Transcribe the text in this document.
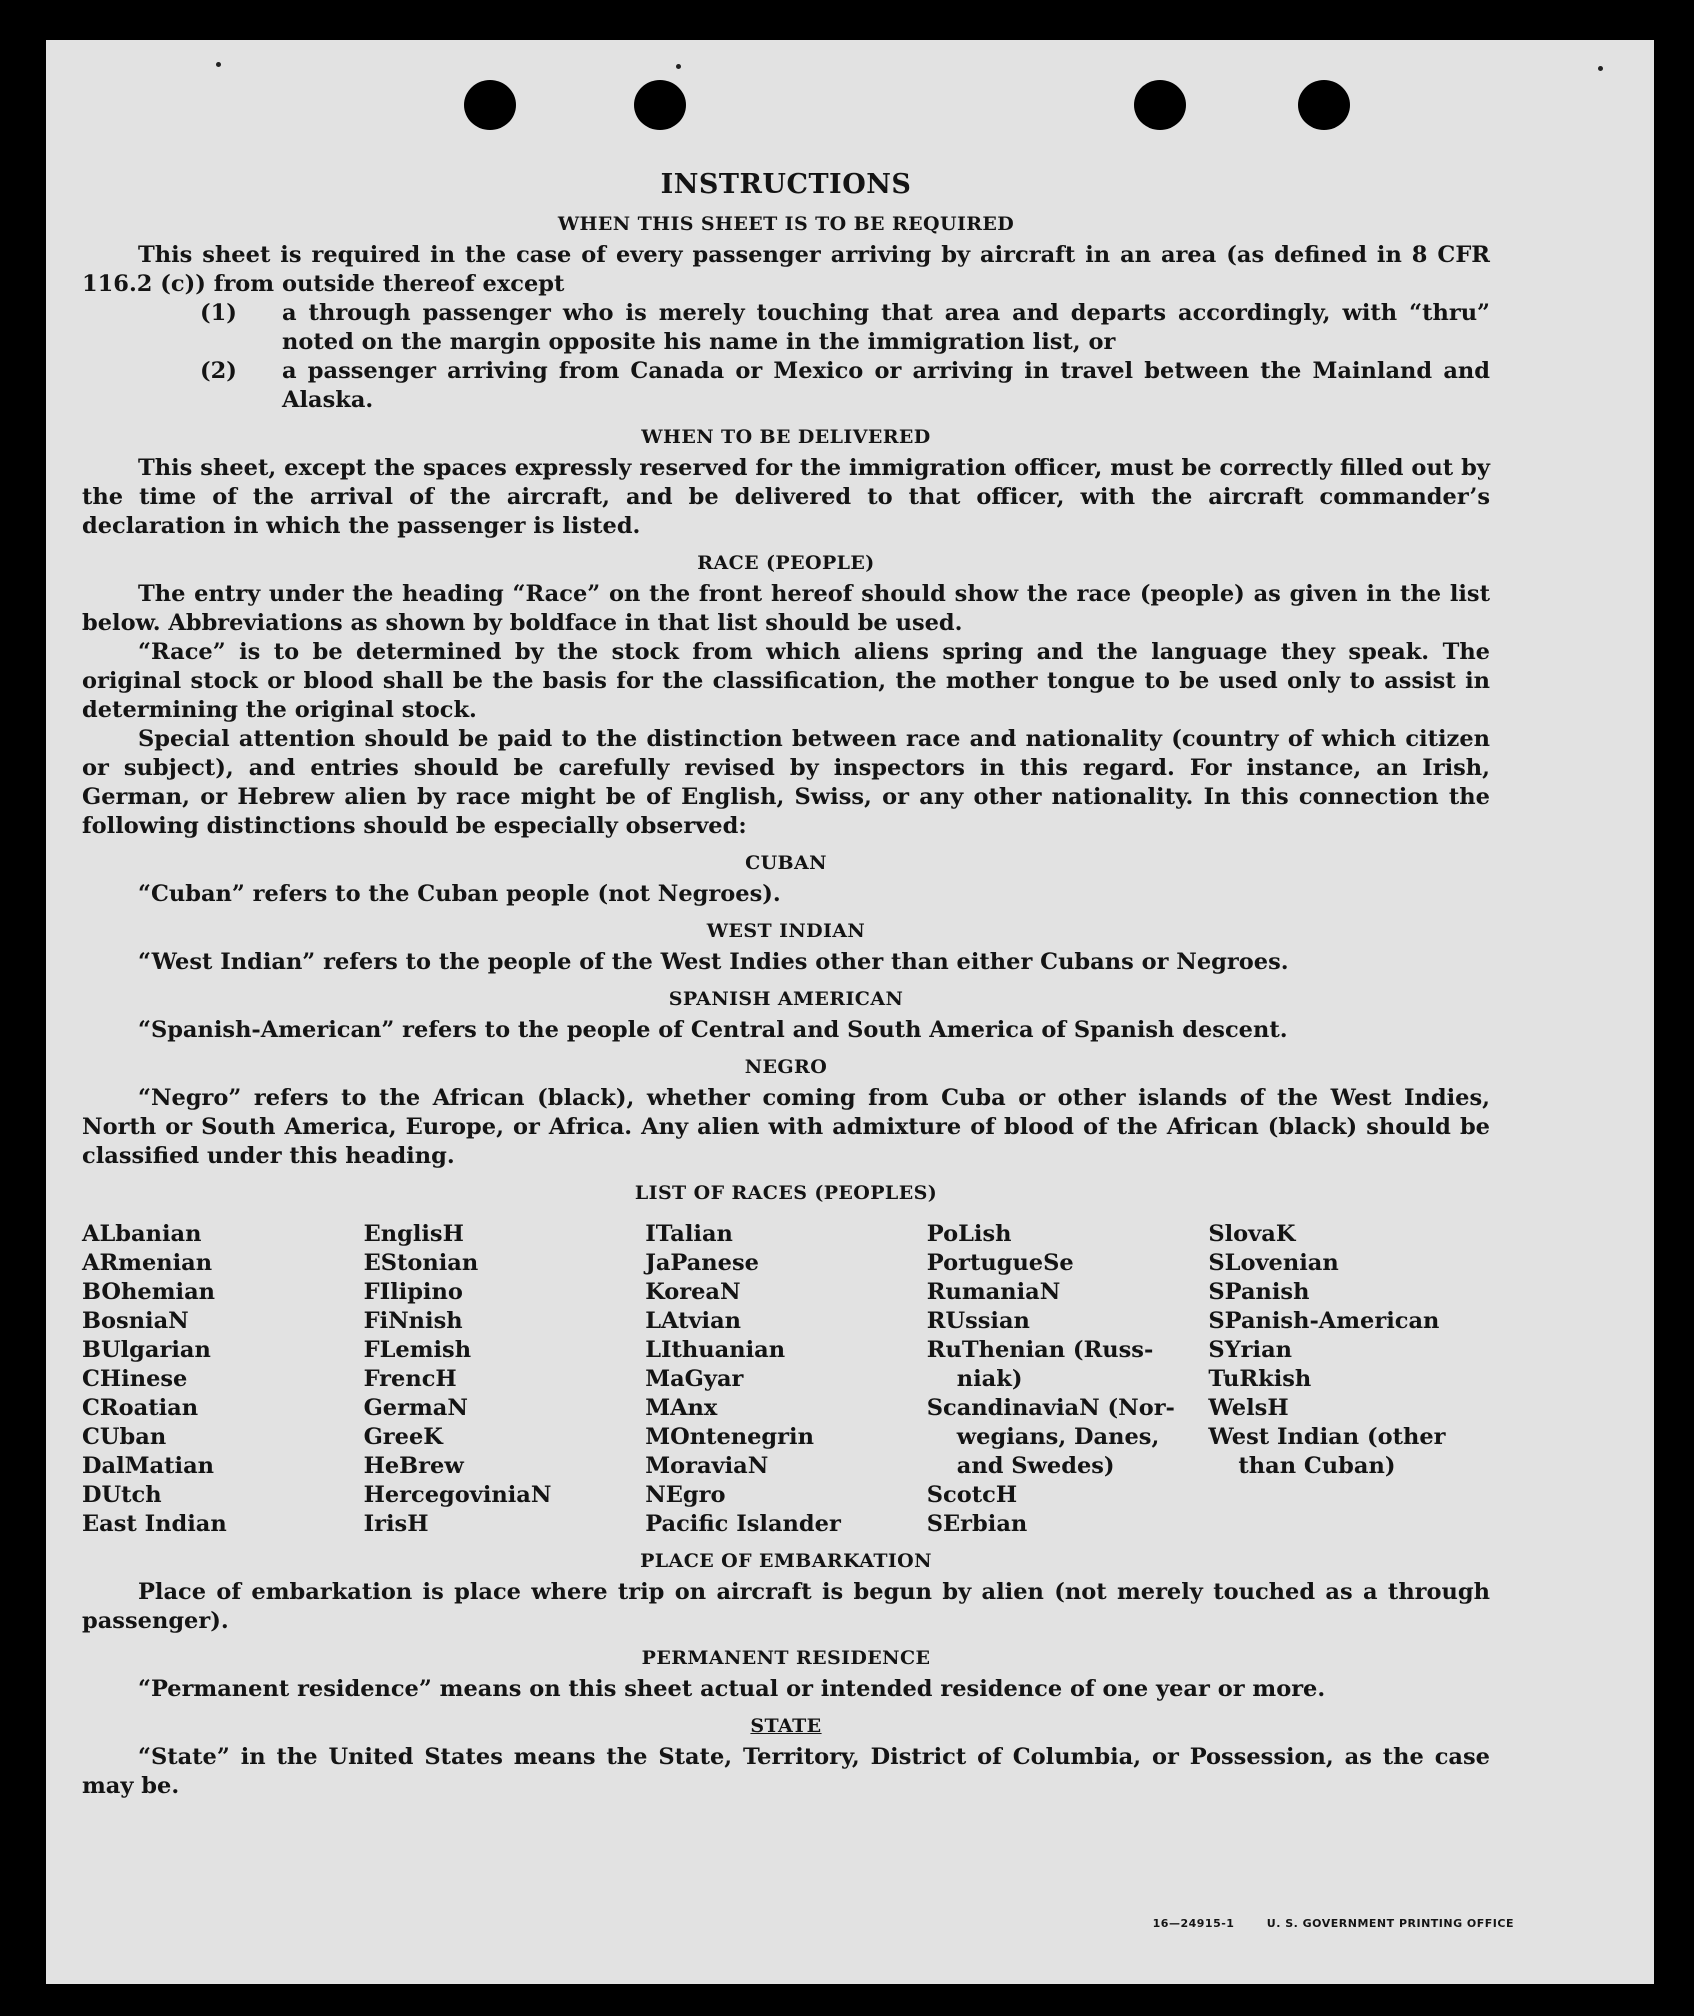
INSTRUCTIONS
WHEN THIS SHEET IS TO BE REQUIRED

This sheet is required in the case of every passenger arriving by aircraft in an area (as defined in 8 CFR 116.2 (c)) from outside thereof except

(1) a through passenger who is merely touching that area and departs accordingly, with “thru” noted on the margin opposite his name in the immigration list, or
(2) a passenger arriving from Canada or Mexico or arriving in travel between the Mainland and Alaska.
WHEN TO BE DELIVERED

This sheet, except the spaces expressly reserved for the immigration officer, must be correctly filled out by the time of the arrival of the aircraft, and be delivered to that officer, with the aircraft commander’s declaration in which the passenger is listed.

RACE (PEOPLE)

The entry under the heading “Race” on the front hereof should show the race (people) as given in the list below. Abbreviations as shown by boldface in that list should be used.

“Race” is to be determined by the stock from which aliens spring and the language they speak. The original stock or blood shall be the basis for the classification, the mother tongue to be used only to assist in determining the original stock.

Special attention should be paid to the distinction between race and nationality (country of which citizen or subject), and entries should be carefully revised by inspectors in this regard. For instance, an Irish, German, or Hebrew alien by race might be of English, Swiss, or any other nationality. In this connection the following distinctions should be especially observed:

CUBAN

“Cuban” refers to the Cuban people (not Negroes).

WEST INDIAN

“West Indian” refers to the people of the West Indies other than either Cubans or Negroes.

SPANISH AMERICAN

“Spanish-American” refers to the people of Central and South America of Spanish descent.

NEGRO

“Negro” refers to the African (black), whether coming from Cuba or other islands of the West Indies, North or South America, Europe, or Africa. Any alien with admixture of blood of the African (black) should be classified under this heading.

LIST OF RACES (PEOPLES)
ALbanian
ARmenian
BOhemian
BosniaN
BUlgarian
CHinese
CRoatian
CUban
DalMatian
DUtch
East Indian
EnglisH
EStonian
FIlipino
FiNnish
FLemish
FrencH
GermaN
GreeK
HeBrew
HercegoviniaN
IrisH
ITalian
JaPanese
KoreaN
LAtvian
LIthuanian
MaGyar
MAnx
MOntenegrin
MoraviaN
NEgro
Pacific Islander
PoLish
PortugueSe
RumaniaN
RUssian
RuThenian (Russ-
niak)
ScandinaviaN (Nor-
wegians, Danes,
and Swedes)
ScotcH
SErbian
SlovaK
SLovenian
SPanish
SPanish-American
SYrian
TuRkish
WelsH
West Indian (other
than Cuban)
PLACE OF EMBARKATION

Place of embarkation is place where trip on aircraft is begun by alien (not merely touched as a through passenger).

PERMANENT RESIDENCE

“Permanent residence” means on this sheet actual or intended residence of one year or more.

STATE

“State” in the United States means the State, Territory, District of Columbia, or Possession, as the case may be.

16—24915-1	U. S. GOVERNMENT PRINTING OFFICE
